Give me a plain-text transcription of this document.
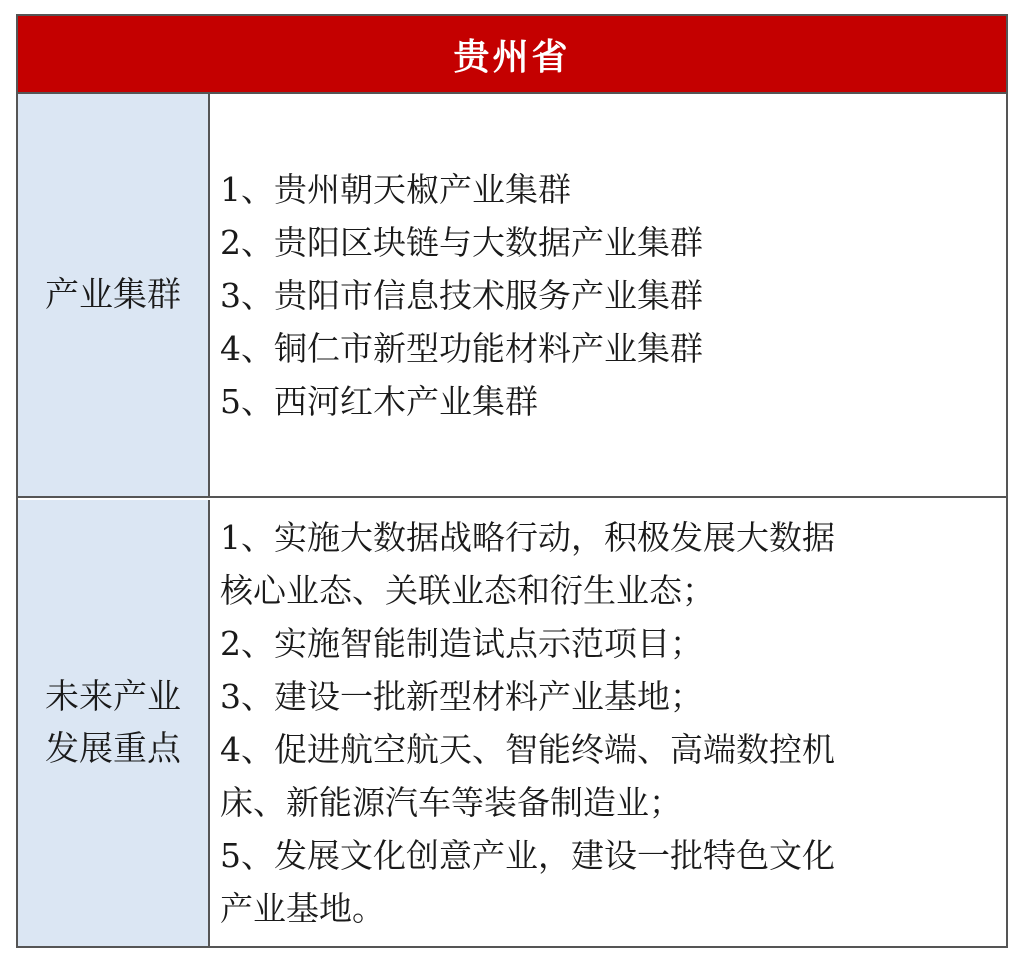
贵州省
产业集群

1、贵州朝天椒产业集群

2、贵阳区块链与大数据产业集群

3、贵阳市信息技术服务产业集群

4、铜仁市新型功能材料产业集群

5、西河红木产业集群

未来产业
发展重点

1、实施大数据战略行动，积极发展大数据

核心业态、关联业态和衍生业态；

2、实施智能制造试点示范项目；

3、建设一批新型材料产业基地；

4、促进航空航天、智能终端、高端数控机

床、新能源汽车等装备制造业；

5、发展文化创意产业，建设一批特色文化

产业基地。
